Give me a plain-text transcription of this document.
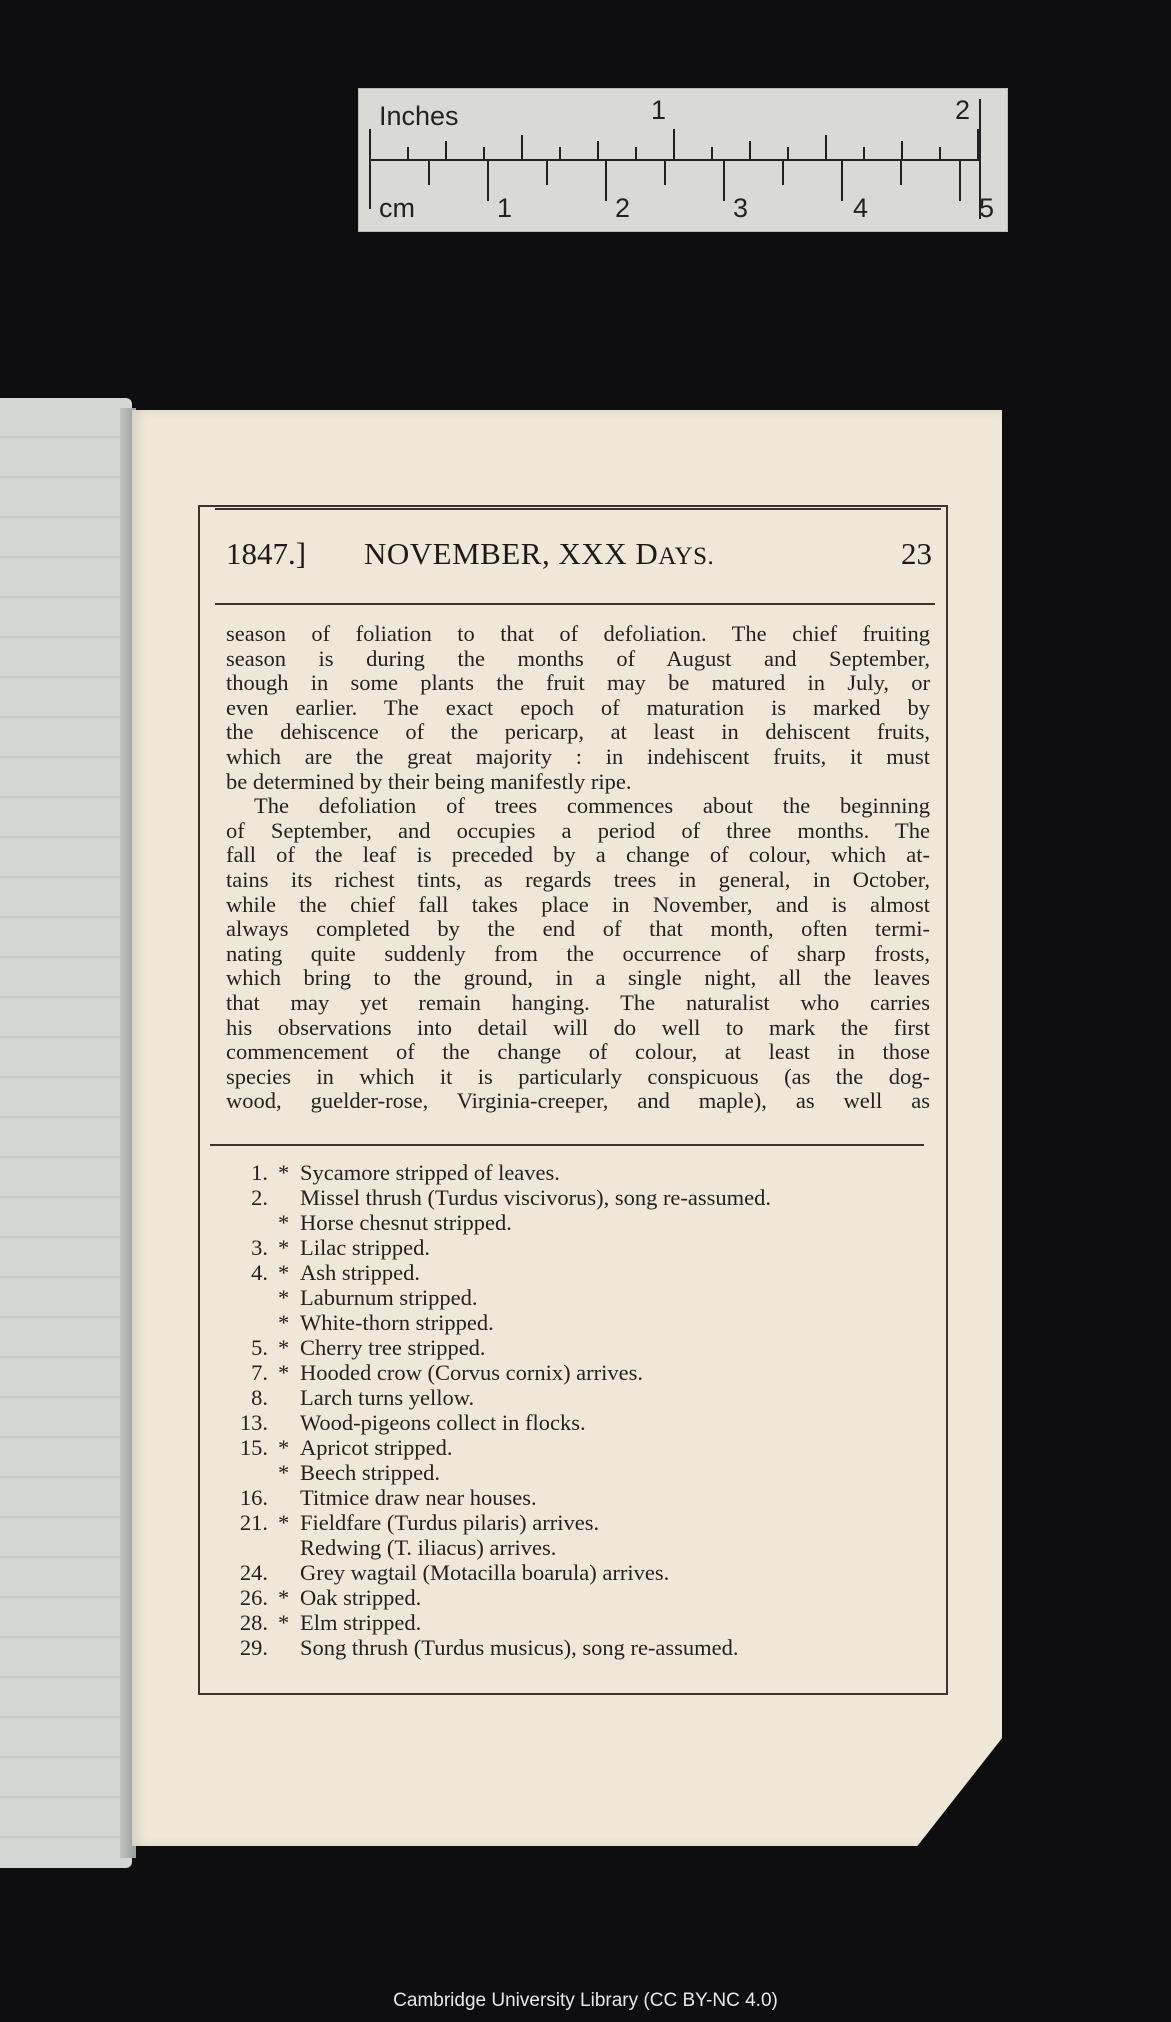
Inches	1	2
cm	1	2	3	4	5
1847.] NOVEMBER, XXX DAYS.	23
season of foliation to that of defoliation. The chief fruiting
season is during the months of August and September,
though in some plants the fruit may be matured in July, or
even earlier. The exact epoch of maturation is marked by
the dehiscence of the pericarp, at least in dehiscent fruits,
which are the great majority : in indehiscent fruits, it must
be determined by their being manifestly ripe.
The defoliation of trees commences about the beginning
of September, and occupies a period of three months. The
fall of the leaf is preceded by a change of colour, which at-
tains its richest tints, as regards trees in general, in October,
while the chief fall takes place in November, and is almost
always completed by the end of that month, often termi-
nating quite suddenly from the occurrence of sharp frosts,
which bring to the ground, in a single night, all the leaves
that may yet remain hanging. The naturalist who carries
his observations into detail will do well to mark the first
commencement of the change of colour, at least in those
species in which it is particularly conspicuous (as the dog-
wood, guelder-rose, Virginia-creeper, and maple), as well as
1. * Sycamore stripped of leaves.
2. Missel thrush (Turdus viscivorus), song re-assumed.
* Horse chesnut stripped.
3. * Lilac stripped.
4. * Ash stripped.
* Laburnum stripped.
* White-thorn stripped.
5. * Cherry tree stripped.
7. * Hooded crow (Corvus cornix) arrives.
8. Larch turns yellow.
13. Wood-pigeons collect in flocks.
15. * Apricot stripped.
* Beech stripped.
16. Titmice draw near houses.
21. * Fieldfare (Turdus pilaris) arrives.
Redwing (T. iliacus) arrives.
24. Grey wagtail (Motacilla boarula) arrives.
26. * Oak stripped.
28. * Elm stripped.
29. Song thrush (Turdus musicus), song re-assumed.
Cambridge University Library (CC BY-NC 4.0)
